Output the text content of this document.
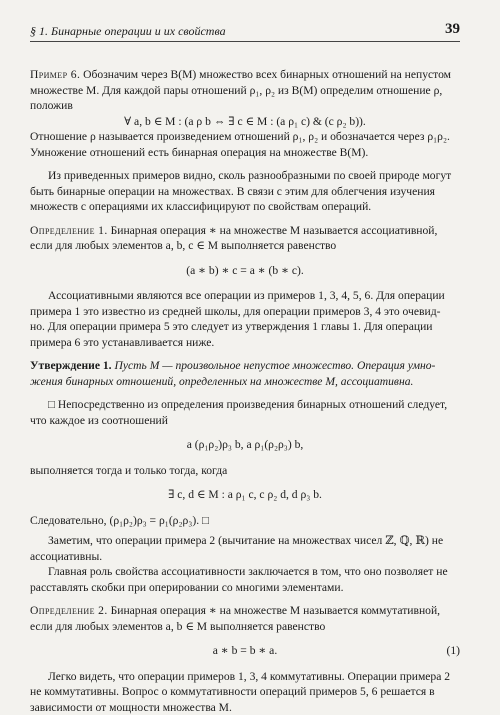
§ 1. Бинарные операции и их свойства	39

Пример 6. Обозначим через B(M) множество всех бинарных отношений на непустом

множестве M. Для каждой пары отношений ρ₁, ρ₂ из B(M) определим отношение ρ,

положив

∀ a, b ∈ M : (a ρ b ⇔ ∃ c ∈ M : (a ρ₁ c) & (c ρ₂ b)).

Отношение ρ называется произведением отношений ρ₁, ρ₂ и обозначается через ρ₁ρ₂.

Умножение отношений есть бинарная операция на множестве B(M).

Из приведенных примеров видно, сколь разнообразными по своей природе могут

быть бинарные операции на множествах. В связи с этим для облегчения изучения

множеств с операциями их классифицируют по свойствам операций.

Определение 1. Бинарная операция ∗ на множестве M называется ассоциативной,

если для любых элементов a, b, c ∈ M выполняется равенство

(a ∗ b) ∗ c = a ∗ (b ∗ c).

Ассоциативными являются все операции из примеров 1, 3, 4, 5, 6. Для операции

примера 1 это известно из средней школы, для операции примеров 3, 4 это очевид-

но. Для операции примера 5 это следует из утверждения 1 главы 1. Для операции

примера 6 это устанавливается ниже.

Утверждение 1. Пусть M — произвольное непустое множество. Операция умно-

жения бинарных отношений, определенных на множестве M, ассоциативна.

□ Непосредственно из определения произведения бинарных отношений следует,

что каждое из соотношений

a (ρ₁ρ₂)ρ₃ b, a ρ₁(ρ₂ρ₃) b,

выполняется тогда и только тогда, когда

∃ c, d ∈ M : a ρ₁ c, c ρ₂ d, d ρ₃ b.

Следовательно, (ρ₁ρ₂)ρ₃ = ρ₁(ρ₂ρ₃). □

Заметим, что операции примера 2 (вычитание на множествах чисел ℤ, ℚ, ℝ) не

ассоциативны.

Главная роль свойства ассоциативности заключается в том, что оно позволяет не

расставлять скобки при оперировании со многими элементами.

Определение 2. Бинарная операция ∗ на множестве M называется коммутативной,

если для любых элементов a, b ∈ M выполняется равенство

a ∗ b = b ∗ a.	(1)

Легко видеть, что операции примеров 1, 3, 4 коммутативны. Операции примера 2

не коммутативны. Вопрос о коммутативности операций примеров 5, 6 решается в

зависимости от мощности множества M.
